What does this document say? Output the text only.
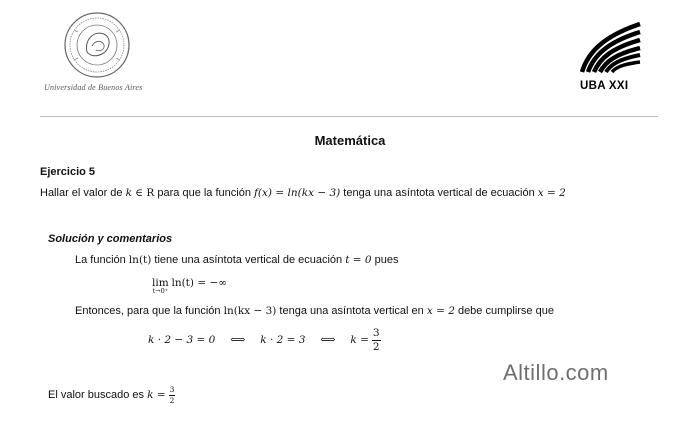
Universidad de Buenos Aires	UBA XXI
Matemática
Ejercicio 5
Hallar el valor de k ∈ R para que la función f(x) = ln(kx − 3) tenga una asíntota vertical de ecuación x = 2
Solución y comentarios
La función ln(t) tiene una asíntota vertical de ecuación t = 0 pues
lim
t→0⁺
ln(t) = −∞
Entonces, para que la función ln(kx − 3) tenga una asíntota vertical en x = 2 debe cumplirse que
k · 2 − 3 = 0 ⟺ k · 2 = 3 ⟺ $k = \frac{3}{2}$
Altillo.com
El valor buscado es $k = \frac{3}{2}$
